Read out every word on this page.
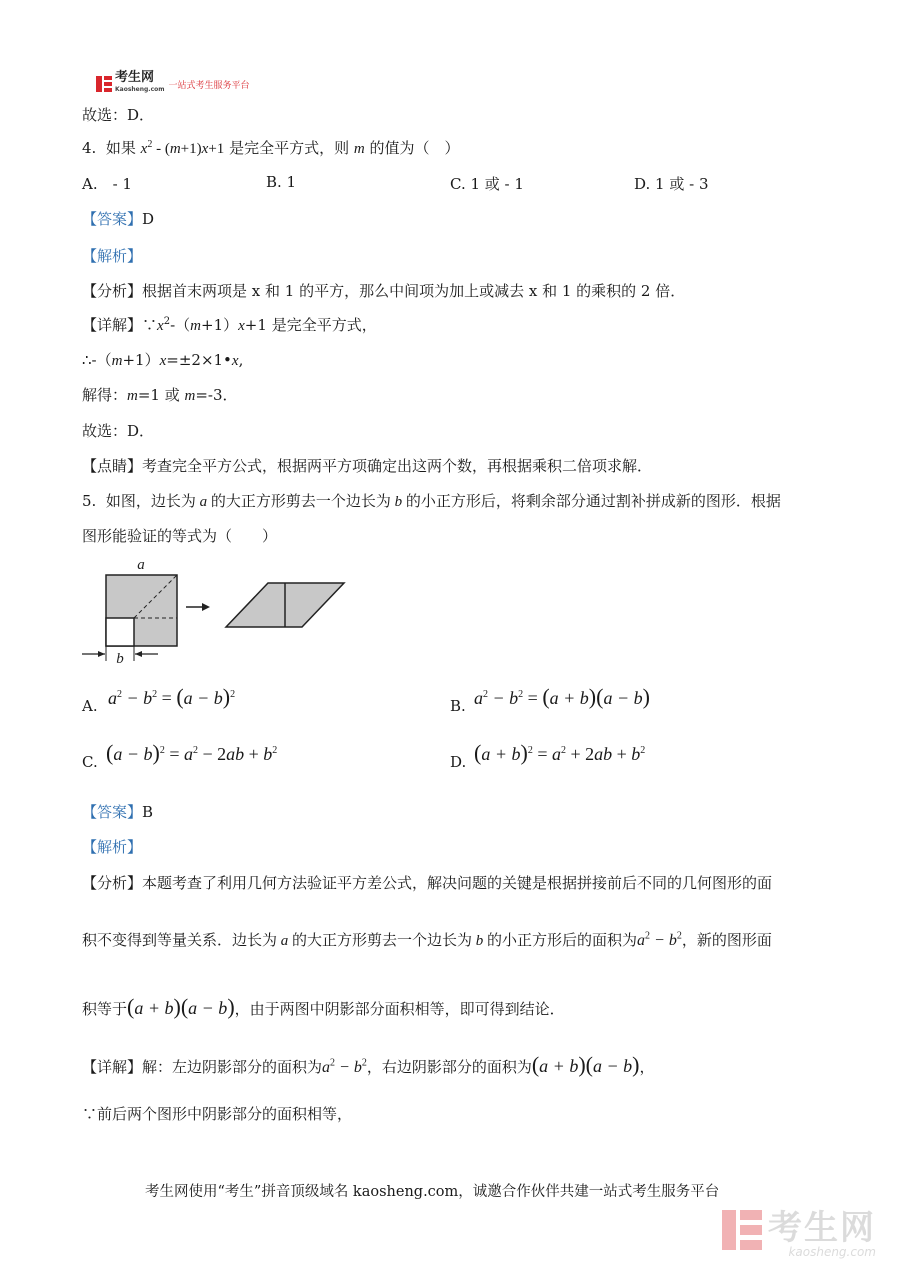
考生网
Kaosheng.com 一站式考生服务平台
故选：D．
4. 如果 $x^2 - (m+1)x+1$ 是完全平方式，则 m 的值为（　）
A.　- 1	B. 1	C. 1 或 - 1	D. 1 或 - 3
【答案】D
【解析】
【分析】根据首末两项是 x 和 1 的平方，那么中间项为加上或减去 x 和 1 的乘积的 2 倍．
【详解】$\because x^2-(m+1)x+1$ 是完全平方式，
∴-（m+1）x=±2×1•x,
解得：m=1 或 m=-3．
故选：D．
【点睛】考查完全平方公式，根据两平方项确定出这两个数，再根据乘积二倍项求解．
5. 如图，边长为 a 的大正方形剪去一个边长为 b 的小正方形后，将剩余部分通过割补拼成新的图形．根据
图形能验证的等式为（　　）
a
b
A. $a^2 - b^2 = (a - b)^2$
B. $a^2 - b^2 = (a + b)(a - b)$
C. $(a - b)^2 = a^2 - 2ab + b^2$
D. $(a + b)^2 = a^2 + 2ab + b^2$
【答案】B
【解析】
【分析】本题考查了利用几何方法验证平方差公式，解决问题的关键是根据拼接前后不同的几何图形的面
积不变得到等量关系．边长为 a 的大正方形剪去一个边长为 b 的小正方形后的面积为$a^2 - b^2$，新的图形面
积等于(a + b)(a − b)，由于两图中阴影部分面积相等，即可得到结论．
【详解】解：左边阴影部分的面积为$a^2 - b^2$，右边阴影部分的面积为(a + b)(a − b)，
∵前后两个图形中阴影部分的面积相等，
考生网使用“考生”拼音顶级域名 kaosheng.com，诚邀合作伙伴共建一站式考生服务平台
考生网
kaosheng.com
